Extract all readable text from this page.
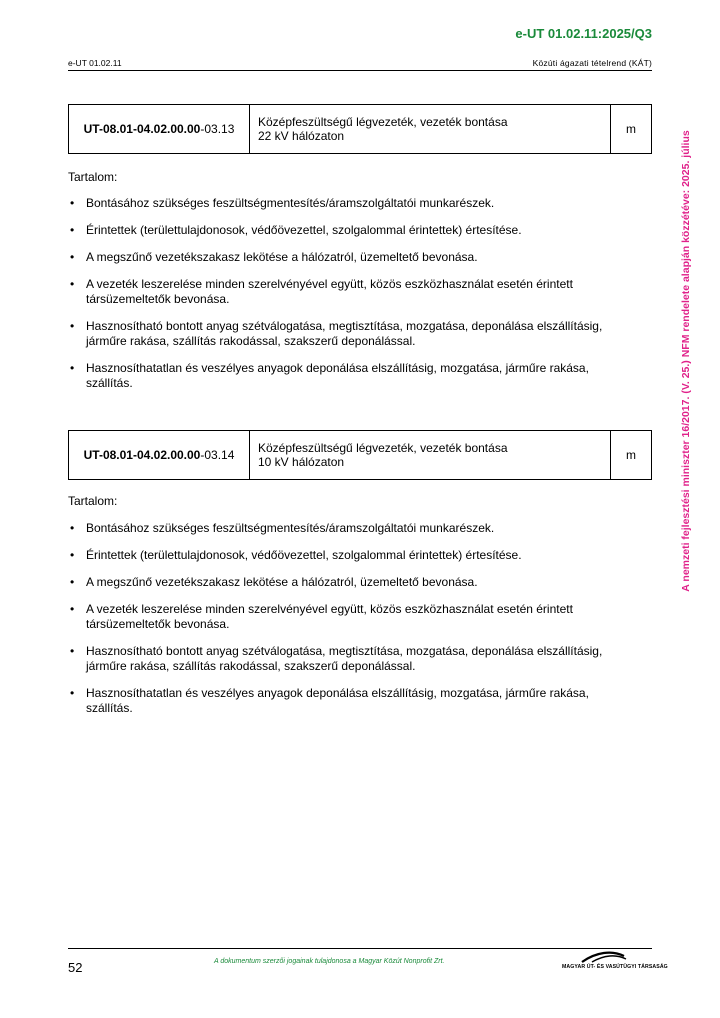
e-UT 01.02.11:2025/Q3
e-UT 01.02.11	Közúti ágazati tételrend (KÁT)
UT-08.01-04.02.00.00 -03.13 Középfeszültségű légvezeték, vezeték bontása
22 kV hálózaton	m
Tartalom:
• Bontásához szükséges feszültségmentesítés/áramszolgáltatói munkarészek.
• Érintettek (területtulajdonosok, védőövezettel, szolgalommal érintettek) értesítése.
• A megszűnő vezetékszakasz lekötése a hálózatról, üzemeltető bevonása.
• A vezeték leszerelése minden szerelvényével együtt, közös eszközhasználat esetén érintett társüzemeltetők bevonása.
• Hasznosítható bontott anyag szétválogatása, megtisztítása, mozgatása, deponálása elszállításig, járműre rakása, szállítás rakodással, szakszerű deponálással.
• Hasznosíthatatlan és veszélyes anyagok deponálása elszállításig, mozgatása, járműre rakása, szállítás.
UT-08.01-04.02.00.00 -03.14 Középfeszültségű légvezeték, vezeték bontása
10 kV hálózaton	m
Tartalom:
• Bontásához szükséges feszültségmentesítés/áramszolgáltatói munkarészek.
• Érintettek (területtulajdonosok, védőövezettel, szolgalommal érintettek) értesítése.
• A megszűnő vezetékszakasz lekötése a hálózatról, üzemeltető bevonása.
• A vezeték leszerelése minden szerelvényével együtt, közös eszközhasználat esetén érintett társüzemeltetők bevonása.
• Hasznosítható bontott anyag szétválogatása, megtisztítása, mozgatása, deponálása elszállításig, járműre rakása, szállítás rakodással, szakszerű deponálással.
• Hasznosíthatatlan és veszélyes anyagok deponálása elszállításig, mozgatása, járműre rakása, szállítás.
A nemzeti fejlesztési miniszter 16/2017. (V. 25.) NFM rendelete alapján közzétéve: 2025. július
52	A dokumentum szerzői jogainak tulajdonosa a Magyar Közút Nonprofit Zrt.
MAGYAR ÚT- ÉS VASÚTÜGYI TÁRSASÁG
